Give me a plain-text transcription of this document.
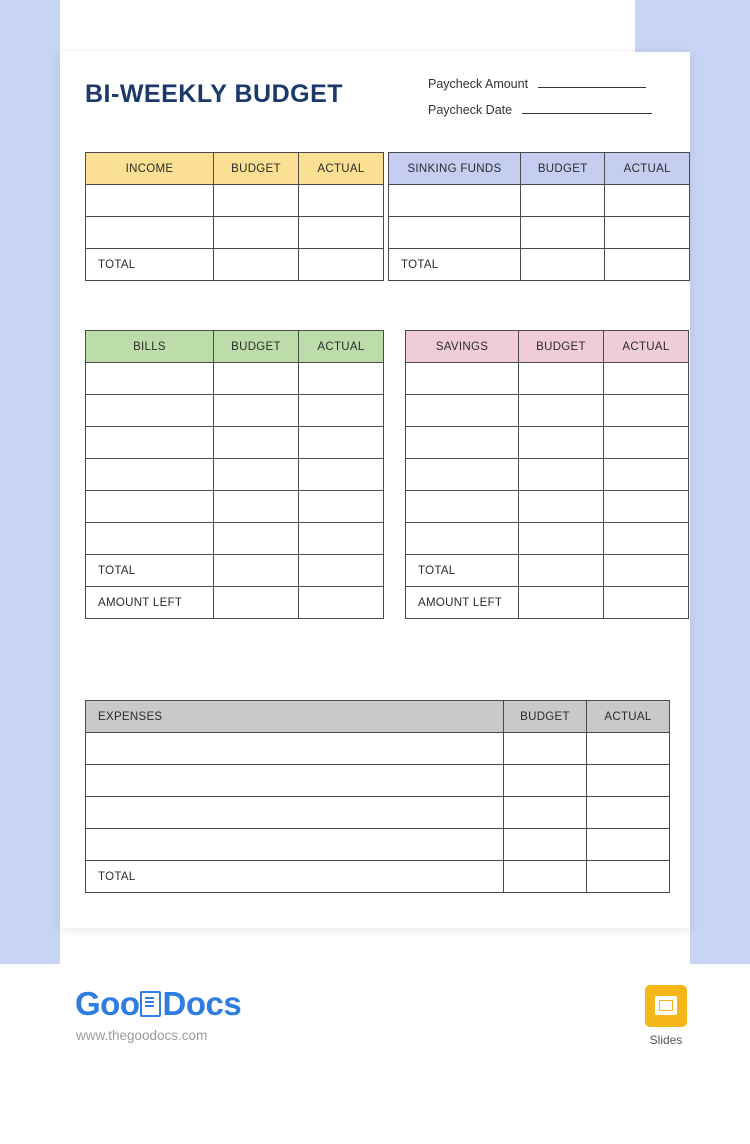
BI-WEEKLY BUDGET	Paycheck Amount
Paycheck Date
INCOME	BUDGET	ACTUAL

TOTAL		
SINKING FUNDS	BUDGET	ACTUAL

TOTAL		
BILLS	BUDGET	ACTUAL

TOTAL		
AMOUNT LEFT		
SAVINGS	BUDGET	ACTUAL

TOTAL		
AMOUNT LEFT		
EXPENSES	BUDGET	ACTUAL

TOTAL		
Goo Docs
www.thegoodocs.com	Slides
